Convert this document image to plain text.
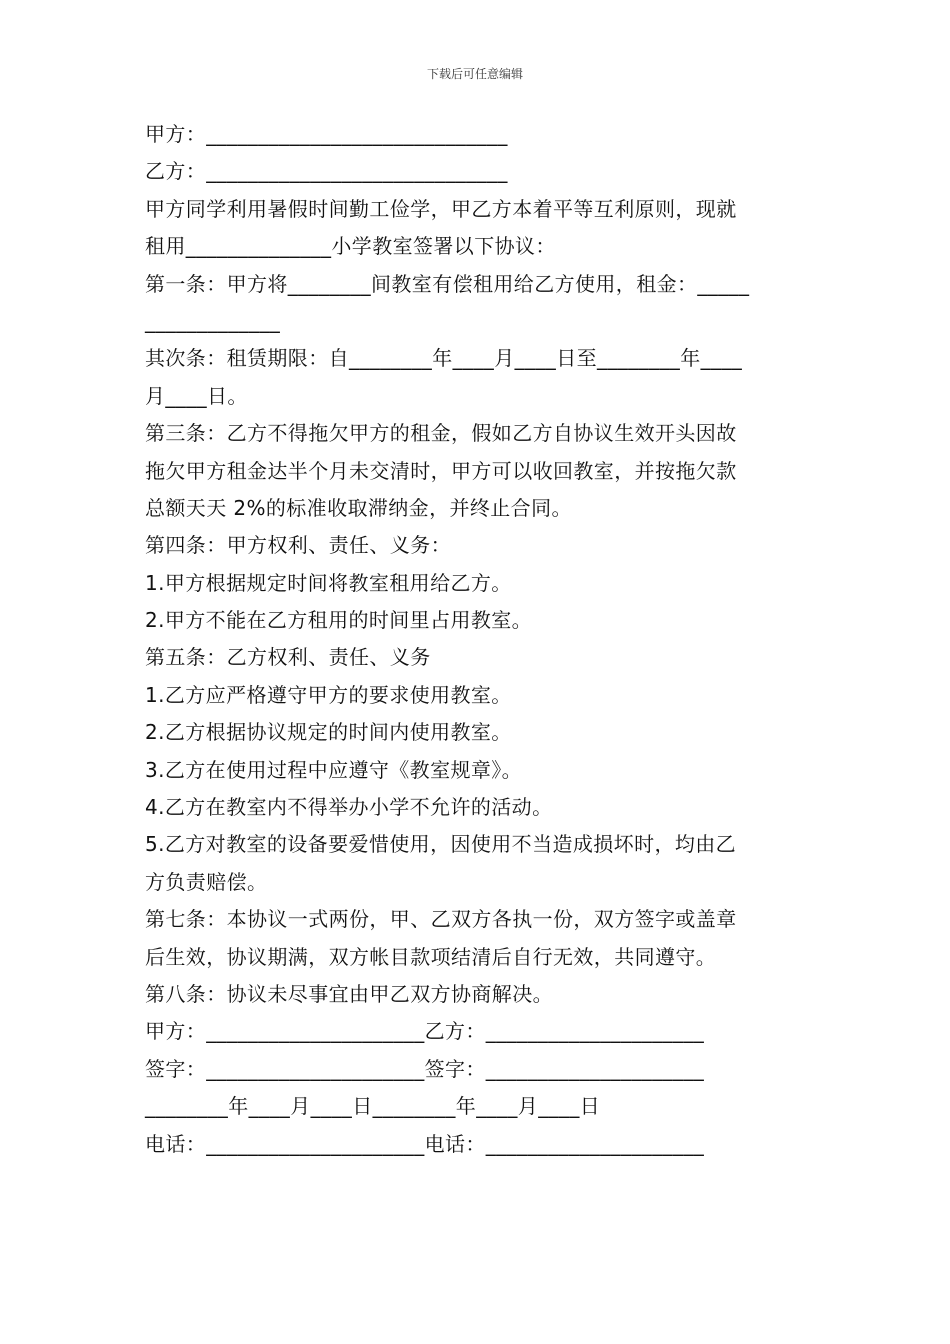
下载后可任意编辑
甲方：_____________________________
乙方：_____________________________
甲方同学利用暑假时间勤工俭学，甲乙方本着平等互利原则，现就
租用______________小学教室签署以下协议：
第一条：甲方将________间教室有偿租用给乙方使用，租金：_____
_____________
其次条：租赁期限：自________年____月____日至________年____
月____日。
第三条：乙方不得拖欠甲方的租金，假如乙方自协议生效开头因故
拖欠甲方租金达半个月未交清时，甲方可以收回教室，并按拖欠款
总额天天 2%的标准收取滞纳金，并终止合同。
第四条：甲方权利、责任、义务：
1.甲方根据规定时间将教室租用给乙方。
2.甲方不能在乙方租用的时间里占用教室。
第五条：乙方权利、责任、义务
1.乙方应严格遵守甲方的要求使用教室。
2.乙方根据协议规定的时间内使用教室。
3.乙方在使用过程中应遵守《教室规章》。
4.乙方在教室内不得举办小学不允许的活动。
5.乙方对教室的设备要爱惜使用，因使用不当造成损坏时，均由乙
方负责赔偿。
第七条：本协议一式两份，甲、乙双方各执一份，双方签字或盖章
后生效，协议期满，双方帐目款项结清后自行无效，共同遵守。
第八条：协议未尽事宜由甲乙双方协商解决。
甲方：_____________________乙方：_____________________
签字：_____________________签字：_____________________
________年____月____日________年____月____日
电话：_____________________电话：_____________________
